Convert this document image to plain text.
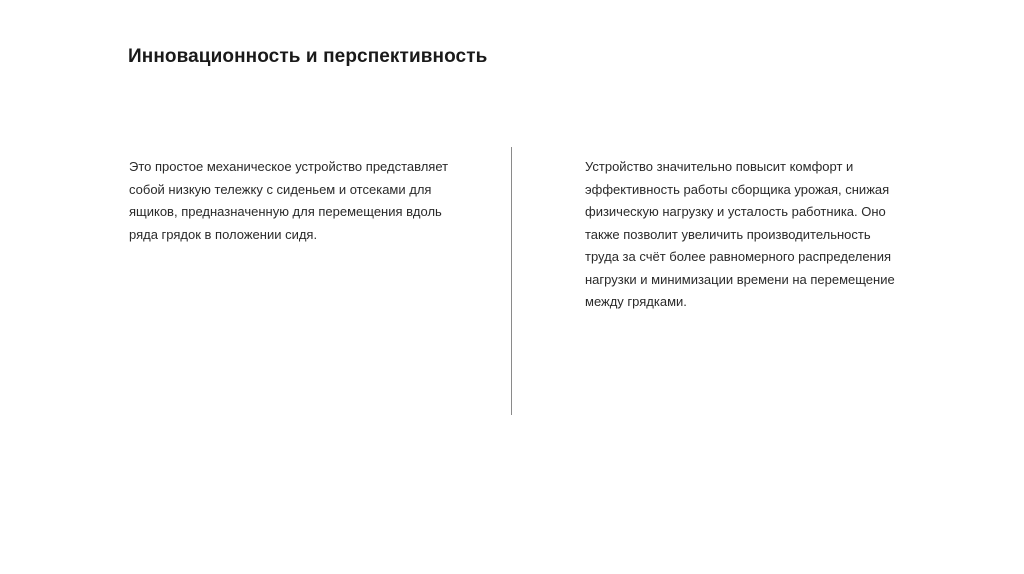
Инновационность и перспективность

Это простое механическое устройство представляет
собой низкую тележку с сиденьем и отсеками для
ящиков, предназначенную для перемещения вдоль
ряда грядок в положении сидя.

Устройство значительно повысит комфорт и
эффективность работы сборщика урожая, снижая
физическую нагрузку и усталость работника. Оно
также позволит увеличить производительность
труда за счёт более равномерного распределения
нагрузки и минимизации времени на перемещение
между грядками.
